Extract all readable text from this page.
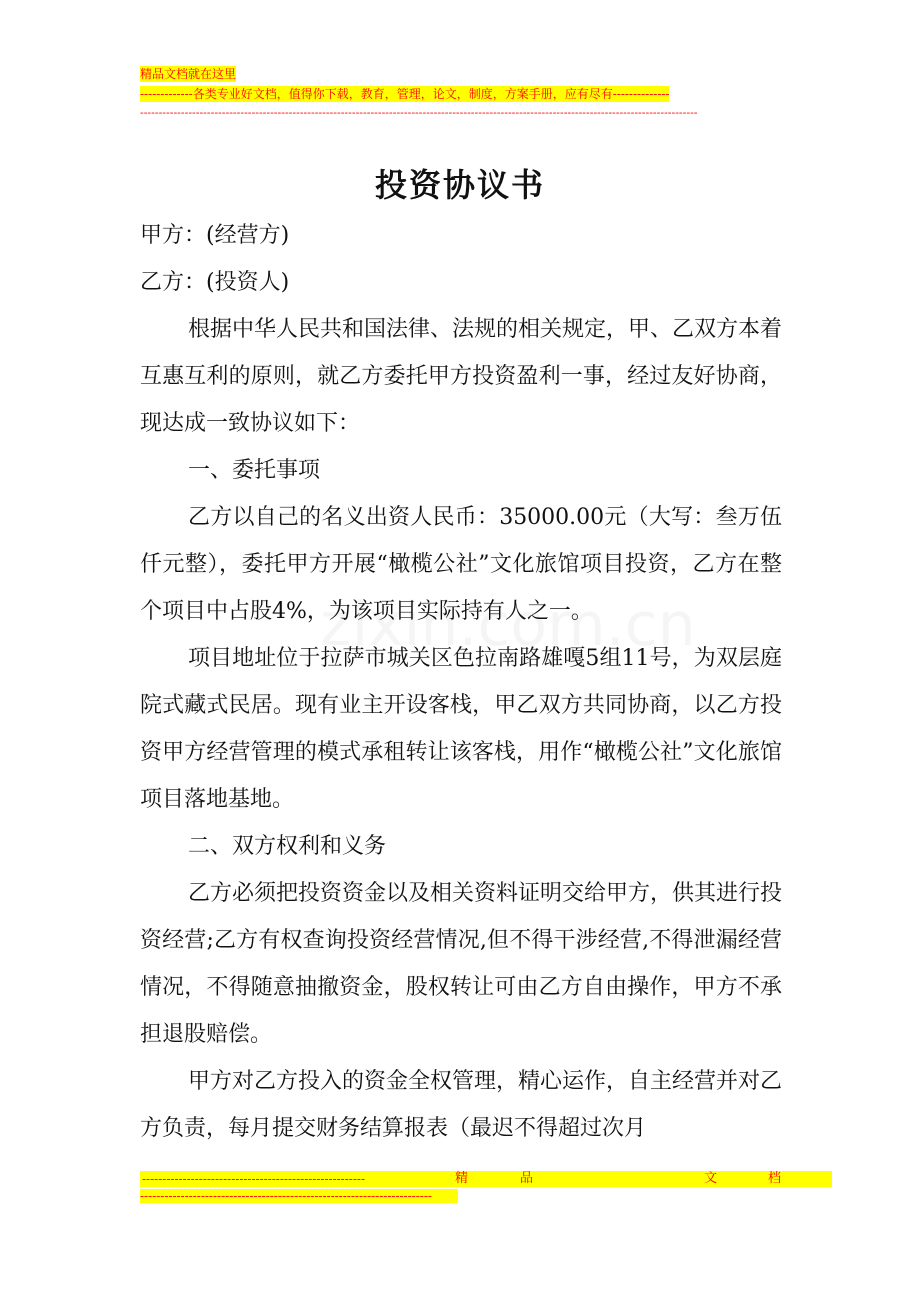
精品文档就在这里
-------------各类专业好文档，值得你下载，教育，管理，论文，制度，方案手册，应有尽有--------------
------------------------------------------------------------------------------------------------------------------------------------------------------
投资协议书

甲方：(经营方)

乙方：(投资人)

根据中华人民共和国法律、法规的相关规定，甲、乙双方本着互惠互利的原则，就乙方委托甲方投资盈利一事，经过友好协商，现达成一致协议如下：

一、委托事项

乙方以自己的名义出资人民币：35000.00元（大写：叁万伍仟元整），委托甲方开展“橄榄公社”文化旅馆项目投资，乙方在整个项目中占股4%，为该项目实际持有人之一。

项目地址位于拉萨市城关区色拉南路雄嘎5组11号，为双层庭院式藏式民居。现有业主开设客栈，甲乙双方共同协商，以乙方投资甲方经营管理的模式承租转让该客栈，用作“橄榄公社”文化旅馆项目落地基地。

二、双方权利和义务

乙方必须把投资资金以及相关资料证明交给甲方，供其进行投资经营;乙方有权查询投资经营情况,但不得干涉经营,不得泄漏经营情况，不得随意抽撤资金，股权转让可由乙方自由操作，甲方不承担退股赔偿。

甲方对乙方投入的资金全权管理，精心运作，自主经营并对乙方负责，每月提交财务结算报表（最迟不得超过次月

-------------------------------------------------------	精	品	文	档
------------------------------------------------------------------------
